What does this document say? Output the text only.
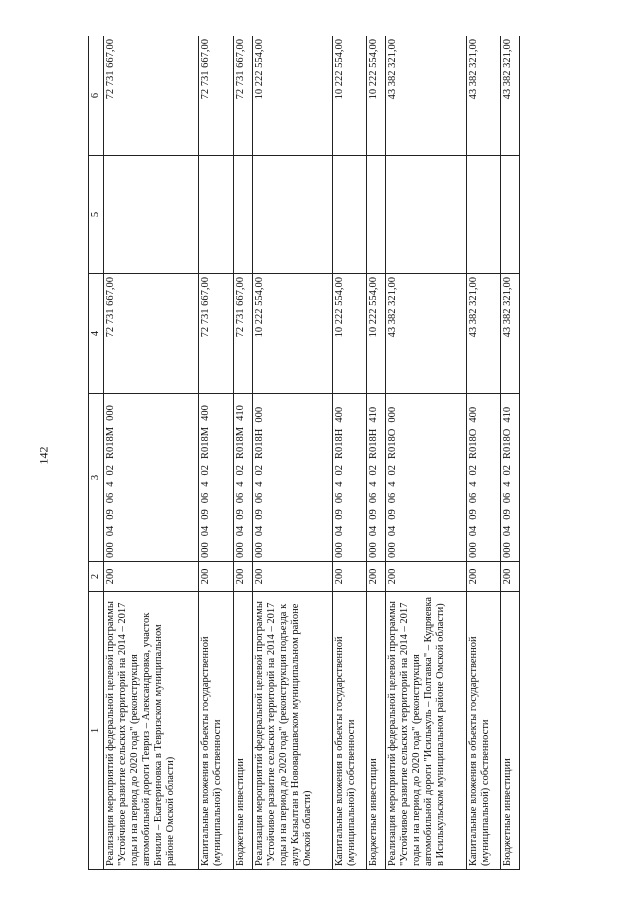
142
1	2	3	4	5	6
Реализация мероприятий федеральной целевой программы "Устойчивое развитие сельских территорий на 2014 – 2017 годы и на период до 2020 года" (реконструкция автомобильной дороги Тевриз – Александровка, участок Бичили – Екатериновка в Тевризском муниципальном районе Омской области)	200	000040906402R018M000	72 731 667,00		72 731 667,00
Капитальные вложения в объекты государственной (муниципальной) собственности	200	000040906402R018M400	72 731 667,00		72 731 667,00
Бюджетные инвестиции	200	000040906402R018M410	72 731 667,00		72 731 667,00
Реализация мероприятий федеральной целевой программы "Устойчивое развитие сельских территорий на 2014 – 2017 годы и на период до 2020 года" (реконструкция подъезда к аулу Кызылтан в Нововаршавском муниципальном районе Омской области)	200	000040906402R018H000	10 222 554,00		10 222 554,00
Капитальные вложения в объекты государственной (муниципальной) собственности	200	000040906402R018H400	10 222 554,00		10 222 554,00
Бюджетные инвестиции	200	000040906402R018H410	10 222 554,00		10 222 554,00
Реализация мероприятий федеральной целевой программы "Устойчивое развитие сельских территорий на 2014 – 2017 годы и на период до 2020 года" (реконструкция автомобильной дороги "Исилькуль – Полтавка" – Кудряевка в Исилькульском муниципальном районе Омской области)	200	000040906402R018O000	43 382 321,00		43 382 321,00
Капитальные вложения в объекты государственной (муниципальной) собственности	200	000040906402R018O400	43 382 321,00		43 382 321,00
Бюджетные инвестиции	200	000040906402R018O410	43 382 321,00		43 382 321,00
